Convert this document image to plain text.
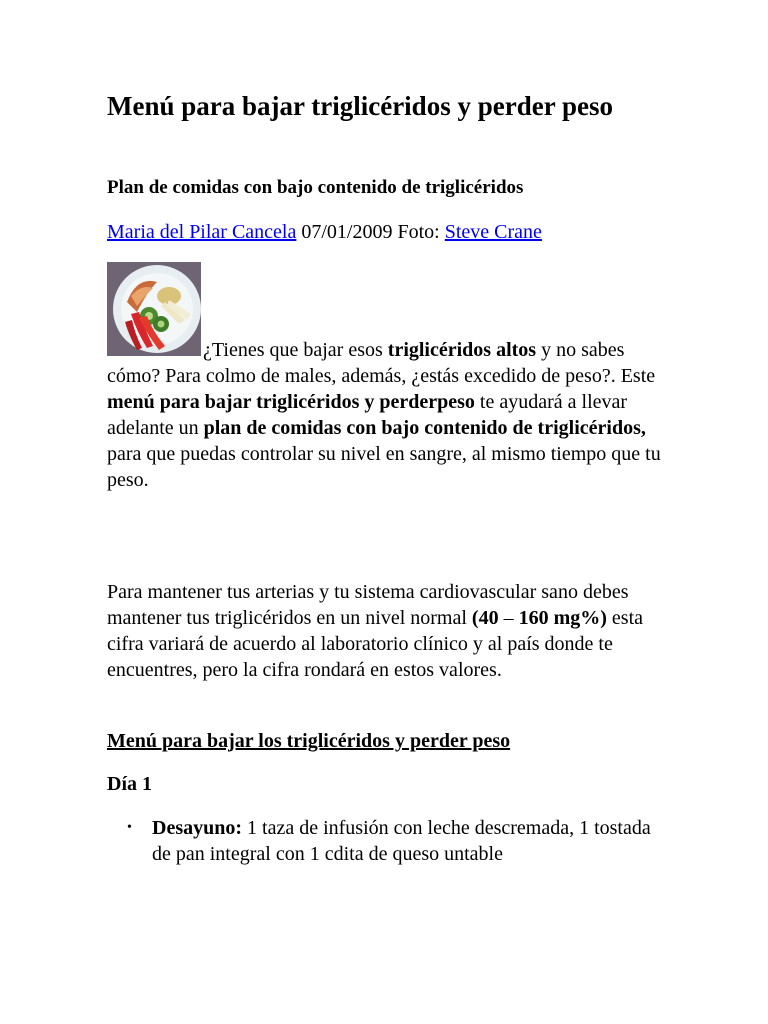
Menú para bajar triglicéridos y perder peso
Plan de comidas con bajo contenido de triglicéridos
Maria del Pilar Cancela 07/01/2009 Foto: Steve Crane

¿Tienes que bajar esos triglicéridos altos y no sabes cómo? Para colmo de males, además, ¿estás excedido de peso?. Este menú para bajar triglicéridos y perderpeso te ayudará a llevar adelante un plan de comidas con bajo contenido de triglicéridos, para que puedas controlar su nivel en sangre, al mismo tiempo que tu peso.

Para mantener tus arterias y tu sistema cardiovascular sano debes mantener tus triglicéridos en un nivel normal (40 – 160 mg%) esta cifra variará de acuerdo al laboratorio clínico y al país donde te encuentres, pero la cifra rondará en estos valores.

Menú para bajar los triglicéridos y perder peso

Día 1

• Desayuno: 1 taza de infusión con leche descremada, 1 tostada de pan integral con 1 cdita de queso untable
